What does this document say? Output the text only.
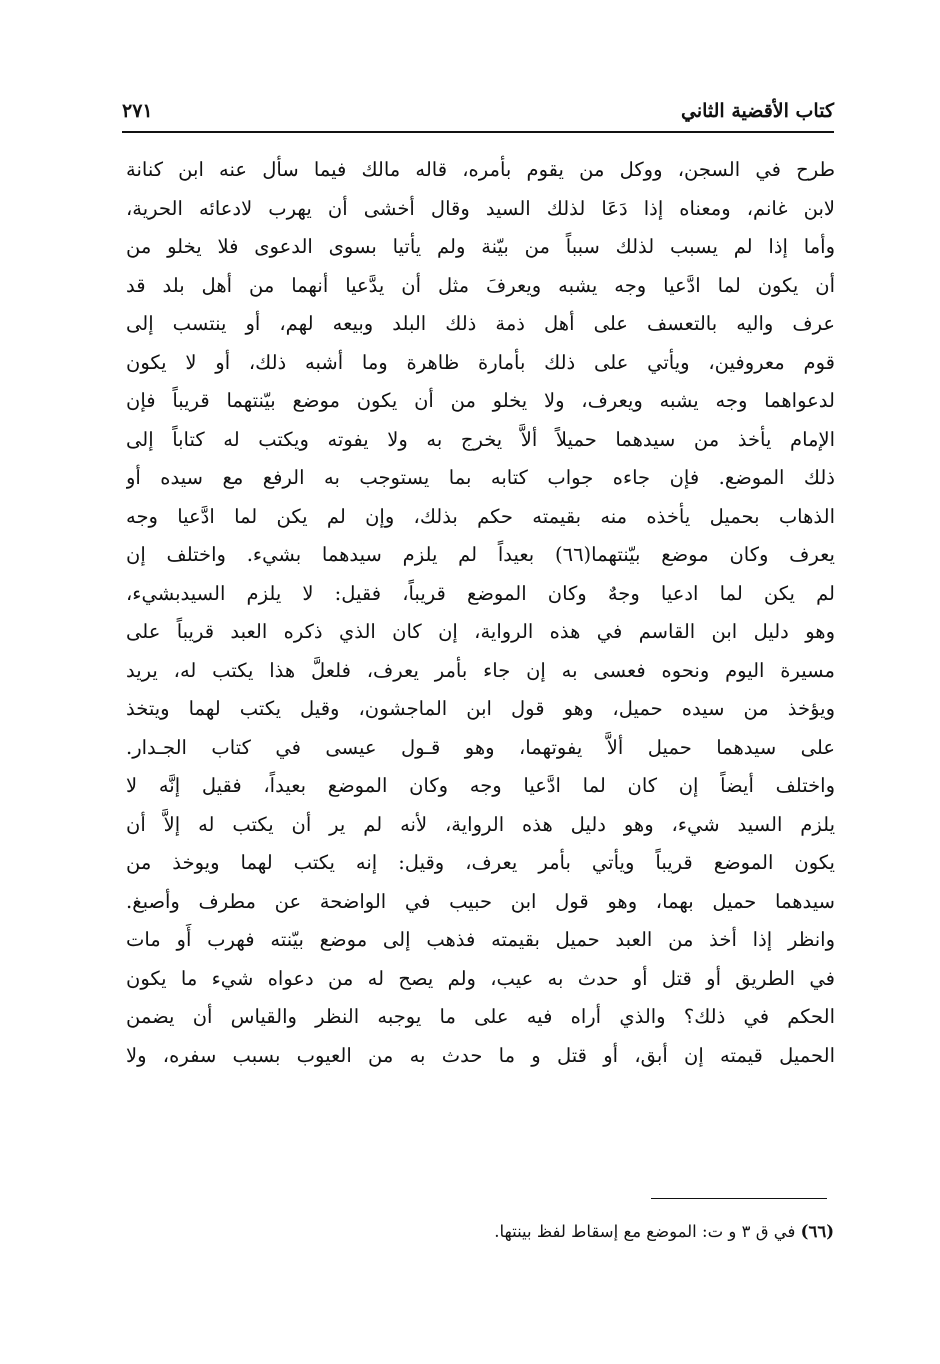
كتاب الأقضية الثاني
٢٧١
طرح في السجن، ووكل من يقوم بأمره، قاله مالك فيما سأل عنه ابن كنانة
لابن غانم، ومعناه إذا دَعَا لذلك السيد وقال أخشى أن يهرب لادعائه الحرية،
وأما إذا لم يسبب لذلك سبباً من بيّنة ولم يأتيا بسوى الدعوى فلا يخلو من
أن يكون لما ادَّعيا وجه يشبه ويعرفَ مثل أن يدَّعيا أنهما من أهل بلد قد
عرف واليه بالتعسف على أهل ذمة ذلك البلد وبيعه لهم، أو ينتسب إلى
قوم معروفين، ويأتي على ذلك بأمارة ظاهرة وما أشبه ذلك، أو لا يكون
لدعواهما وجه يشبه ويعرف، ولا يخلو من أن يكون موضع بيّنتهما قريباً فإن
الإمام يأخذ من سيدهما حميلاً ألاَّ يخرج به ولا يفوته ويكتب له كتاباً إلى
ذلك الموضع. فإن جاءه جواب كتابه بما يستوجب به الرفع مع سيده أو
الذهاب بحميل يأخذه منه بقيمته حكم بذلك، وإن لم يكن لما ادَّعيا وجه
يعرف وكان موضع بيّنتهما(٦٦) بعيداً لم يلزم سيدهما بشيء. واختلف إن
لم يكن لما ادعيا وجهٌ وكان الموضع قريباً، فقيل: لا يلزم السيدبشيء،
وهو دليل ابن القاسم في هذه الرواية، إن كان الذي ذكره العبد قريباً على
مسيرة اليوم ونحوه فعسى به إن جاء بأمر يعرف، فلعلَّ هذا يكتب له، يريد
ويؤخذ من سيده حميل، وهو قول ابن الماجشون، وقيل يكتب لهما ويتخذ
على سيدهما حميل ألاَّ يفوتهما، وهو قـول عيسى في كتاب الجـدار.
واختلف أيضاً إن كان لما ادَّعيا وجه وكان الموضع بعيداً، فقيل إنَّه لا
يلزم السيد شيء، وهو دليل هذه الرواية، لأنه لم ير أن يكتب له إلاَّ أن
يكون الموضع قريباً ويأتي بأمر يعرف، وقيل: إنه يكتب لهما ويوخذ من
سيدهما حميل بهما، وهو قول ابن حبيب في الواضحة عن مطرف وأصبغ.
وانظر إذا أخذ من العبد حميل بقيمته فذهب إلى موضع بيّنته فهرب أَو مات
في الطريق أو قتل أو حدث به عيب، ولم يصح له من دعواه شيء ما يكون
الحكم في ذلك؟ والذي أراه فيه على ما يوجبه النظر والقياس أن يضمن
الحميل قيمته إن أبق، أو قتل و ما حدث به من العيوب بسبب سفره، ولا
(٦٦) في ق ٣ و ت: الموضع مع إسقاط لفظ بينتها.
